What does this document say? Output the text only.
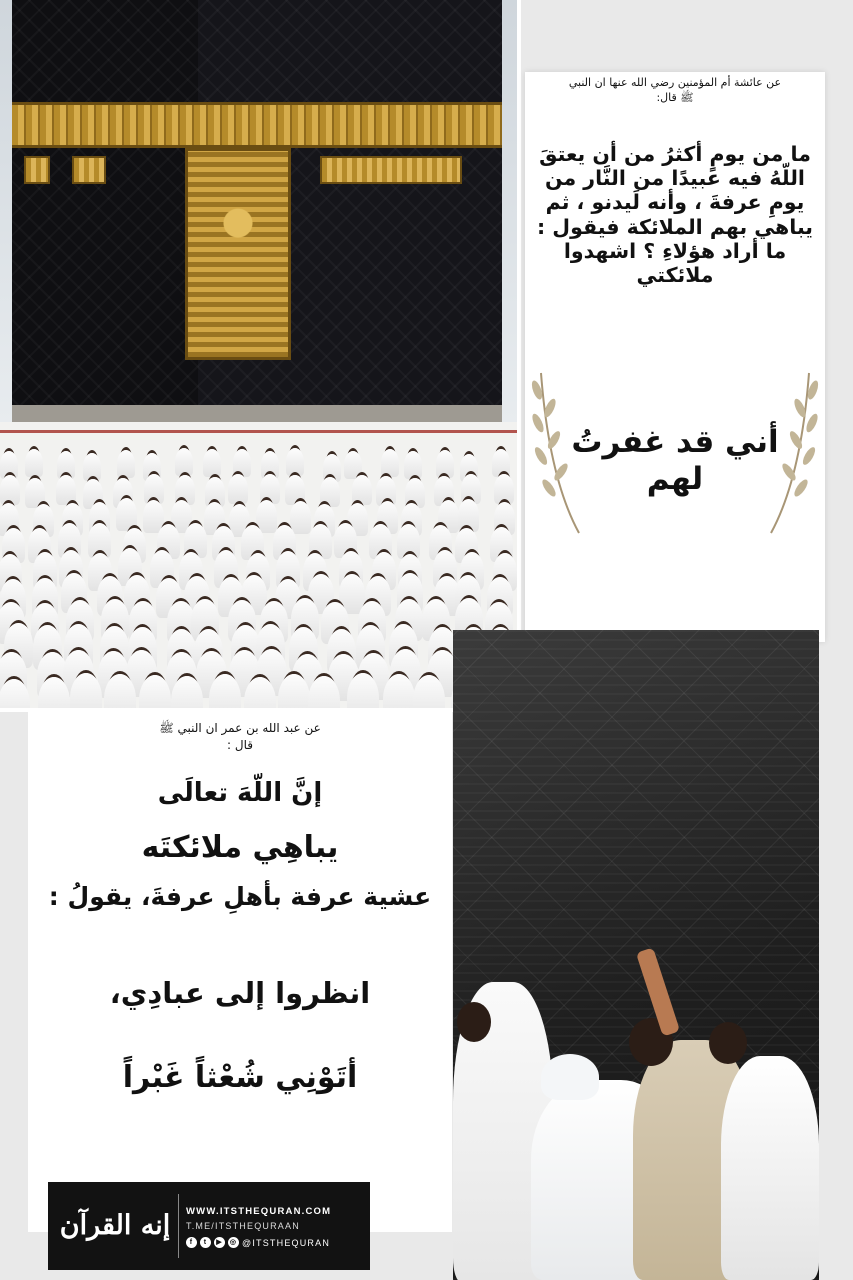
عن عائشة أم المؤمنين رضي الله عنها ان النبي ﷺ قال:
ما من يومٍ أكثرُ من أن يعتقَ اللّهُ فيه عبيدًا من النَّار من يومِ عرفةَ ، وأنه لَيدنو ، ثم يباهي بهم الملائكة فيقول : ما أراد هؤلاءِ ؟ اشهدوا ملائكتي
أني قد غفرتُ لهم
عن عبد الله بن عمر ان النبي ﷺ قال :
إنَّ اللّهَ تعالَى
يباهِي ملائكتَه
عشية عرفة بأهلِ عرفةَ، يقولُ :
انظروا إلى عبادِي،
أتَوْنِي شُعْثاً غَبْراً
إنه القرآن	WWW.ITSTHEQURAN.COM
T.ME/ITSTHEQURAAN
f	t	▶	◎ @ITSTHEQURAN
